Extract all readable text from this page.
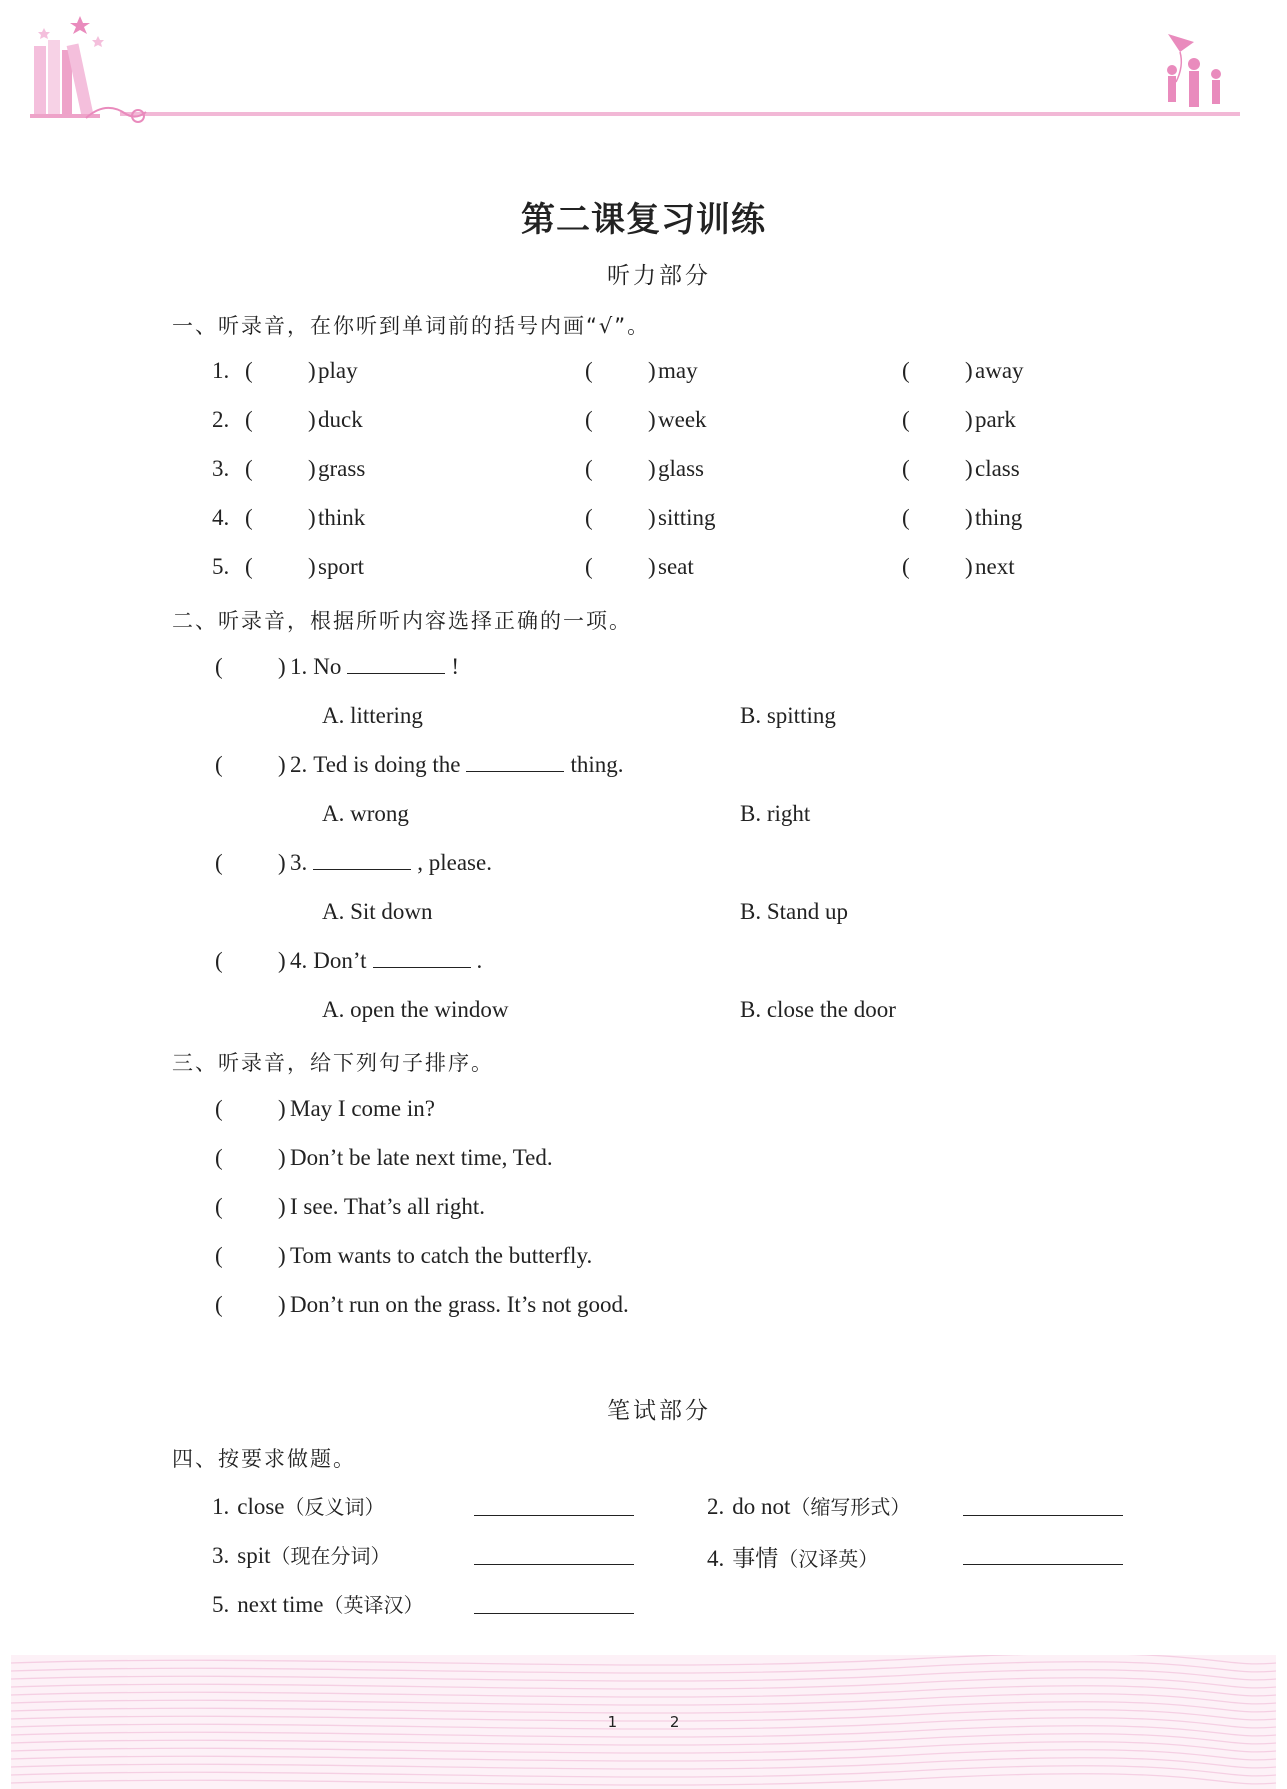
第二课复习训练
听力部分
一、听录音，在你听到单词前的括号内画“√”。
1. ( ) play	( ) may	( ) away
2. ( ) duck	( ) week	( ) park
3. ( ) grass	( ) glass	( ) class
4. ( ) think	( ) sitting	( ) thing
5. ( ) sport	( ) seat	( ) next
二、听录音，根据所听内容选择正确的一项。
( ) 1. No	!
A. littering	B. spitting
( ) 2. Ted is doing the	thing.
A. wrong	B. right
( ) 3.	, please.
A. Sit down	B. Stand up
( ) 4. Don’t	.
A. open the window	B. close the door
三、听录音，给下列句子排序。
( ) May I come in?
( ) Don’t be late next time, Ted.
( ) I see. That’s all right.
( ) Tom wants to catch the butterfly.
( ) Don’t run on the grass. It’s not good.
笔试部分
四、按要求做题。
1. close（反义词）	2. do not（缩写形式）
3. spit（现在分词）	4. 事情（汉译英）
5. next time（英译汉）
1 2
